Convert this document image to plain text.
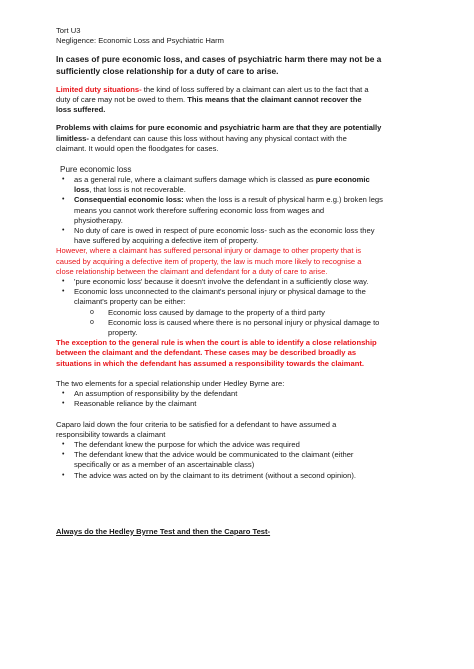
Tort U3
Negligence: Economic Loss and Psychiatric Harm
In cases of pure economic loss, and cases of psychiatric harm there may not be a
sufficiently close relationship for a duty of care to arise.
Limited duty situations- the kind of loss suffered by a claimant can alert us to the fact that a
duty of care may not be owed to them. This means that the claimant cannot recover the
loss suffered.
Problems with claims for pure economic and psychiatric harm are that they are potentially
limitless- a defendant can cause this loss without having any physical contact with the
claimant. It would open the floodgates for cases.
Pure economic loss
• as a general rule, where a claimant suffers damage which is classed as pure economic
loss, that loss is not recoverable.
• Consequential economic loss: when the loss is a result of physical harm e.g.) broken legs
means you cannot work therefore suffering economic loss from wages and
physiotherapy.
• No duty of care is owed in respect of pure economic loss- such as the economic loss they
have suffered by acquiring a defective item of property.
However, where a claimant has suffered personal injury or damage to other property that is
caused by acquiring a defective item of property, the law is much more likely to recognise a
close relationship between the claimant and defendant for a duty of care to arise.
• 'pure economic loss' because it doesn't involve the defendant in a sufficiently close way.
• Economic loss unconnected to the claimant's personal injury or physical damage to the
claimant's property can be either:
o Economic loss caused by damage to the property of a third party
o Economic loss is caused where there is no personal injury or physical damage to
property.
The exception to the general rule is when the court is able to identify a close relationship
between the claimant and the defendant. These cases may be described broadly as
situations in which the defendant has assumed a responsibility towards the claimant.
The two elements for a special relationship under Hedley Byrne are:
• An assumption of responsibility by the defendant
• Reasonable reliance by the claimant
Caparo laid down the four criteria to be satisfied for a defendant to have assumed a
responsibility towards a claimant
• The defendant knew the purpose for which the advice was required
• The defendant knew that the advice would be communicated to the claimant (either
specifically or as a member of an ascertainable class)
• The advice was acted on by the claimant to its detriment (without a second opinion).
Always do the Hedley Byrne Test and then the Caparo Test-
